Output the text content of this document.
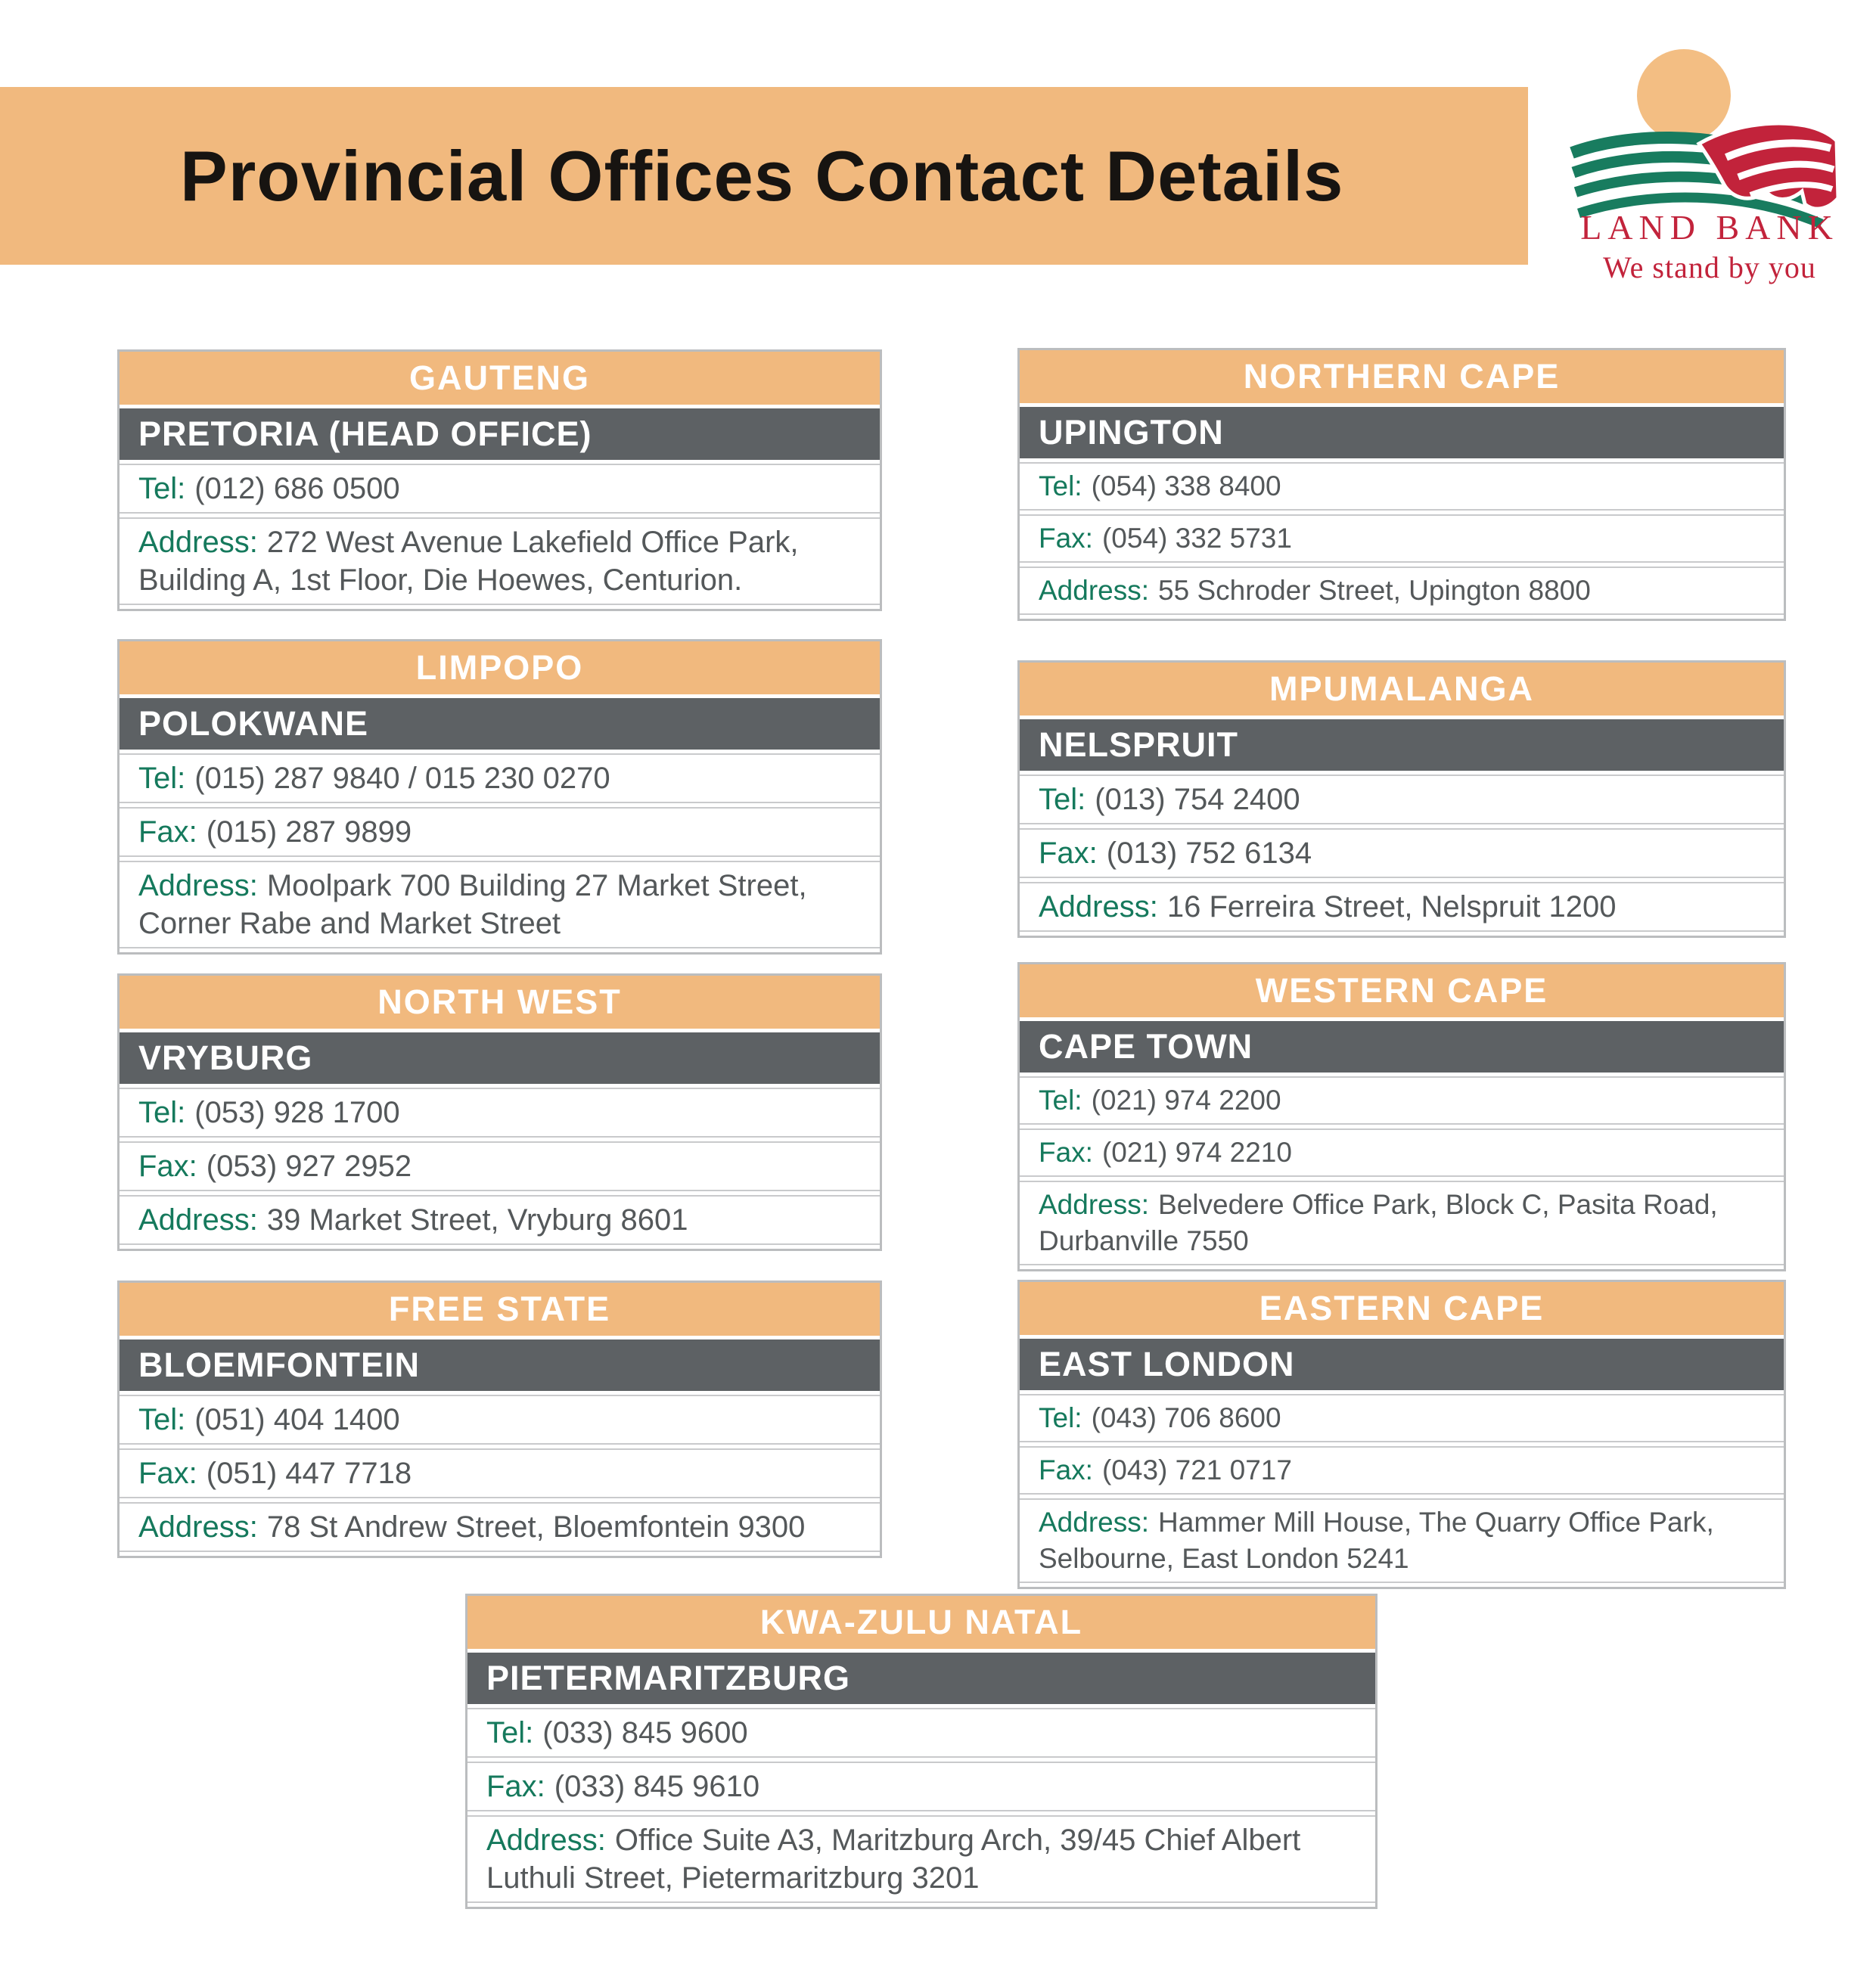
Provincial Offices Contact Details
LAND BANK
We stand by you
GAUTENG
PRETORIA (HEAD OFFICE)
Tel: (012) 686 0500
Address: 272 West Avenue Lakefield Office Park, Building A, 1st Floor, Die Hoewes, Centurion.
LIMPOPO
POLOKWANE
Tel: (015) 287 9840 / 015 230 0270
Fax: (015) 287 9899
Address: Moolpark 700 Building 27 Market Street, Corner Rabe and Market Street
NORTH WEST
VRYBURG
Tel: (053) 928 1700
Fax: (053) 927 2952
Address: 39 Market Street, Vryburg 8601
FREE STATE
BLOEMFONTEIN
Tel: (051) 404 1400
Fax: (051) 447 7718
Address: 78 St Andrew Street, Bloemfontein 9300
NORTHERN CAPE
UPINGTON
Tel: (054) 338 8400
Fax: (054) 332 5731
Address: 55 Schroder Street, Upington 8800
MPUMALANGA
NELSPRUIT
Tel: (013) 754 2400
Fax: (013) 752 6134
Address: 16 Ferreira Street, Nelspruit 1200
WESTERN CAPE
CAPE TOWN
Tel: (021) 974 2200
Fax: (021) 974 2210
Address: Belvedere Office Park, Block C, Pasita Road, Durbanville 7550
EASTERN CAPE
EAST LONDON
Tel: (043) 706 8600
Fax: (043) 721 0717
Address: Hammer Mill House, The Quarry Office Park, Selbourne, East London 5241
KWA-ZULU NATAL
PIETERMARITZBURG
Tel: (033) 845 9600
Fax: (033) 845 9610
Address: Office Suite A3, Maritzburg Arch, 39/45 Chief Albert Luthuli Street, Pietermaritzburg 3201
